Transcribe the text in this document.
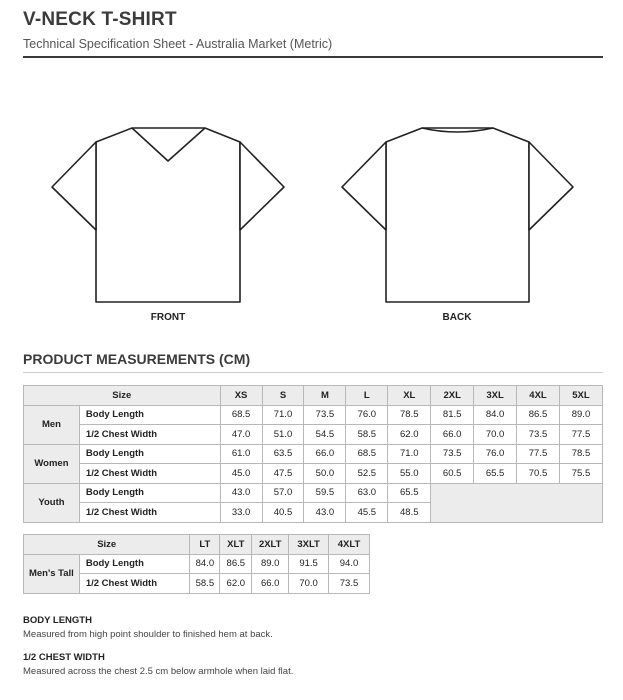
V-NECK T-SHIRT
Technical Specification Sheet - Australia Market (Metric)
FRONT	BACK
PRODUCT MEASUREMENTS (CM)
Size		XS	S	M	L	XL	2XL	3XL	4XL	5XL
Men	Body Length	68.5	71.0	73.5	76.0	78.5	81.5	84.0	86.5	89.0
	1/2 Chest Width	47.0	51.0	54.5	58.5	62.0	66.0	70.0	73.5	77.5
Women	Body Length	61.0	63.5	66.0	68.5	71.0	73.5	76.0	77.5	78.5
	1/2 Chest Width	45.0	47.5	50.0	52.5	55.0	60.5	65.5	70.5	75.5
Youth	Body Length	43.0	57.0	59.5	63.0	65.5				
	1/2 Chest Width	33.0	40.5	43.0	45.5	48.5				
Size		LT	XLT	2XLT	3XLT	4XLT
Men's Tall	Body Length	84.0	86.5	89.0	91.5	94.0
	1/2 Chest Width	58.5	62.0	66.0	70.0	73.5
BODY LENGTH
Measured from high point shoulder to finished hem at back.
1/2 CHEST WIDTH
Measured across the chest 2.5 cm below armhole when laid flat.
